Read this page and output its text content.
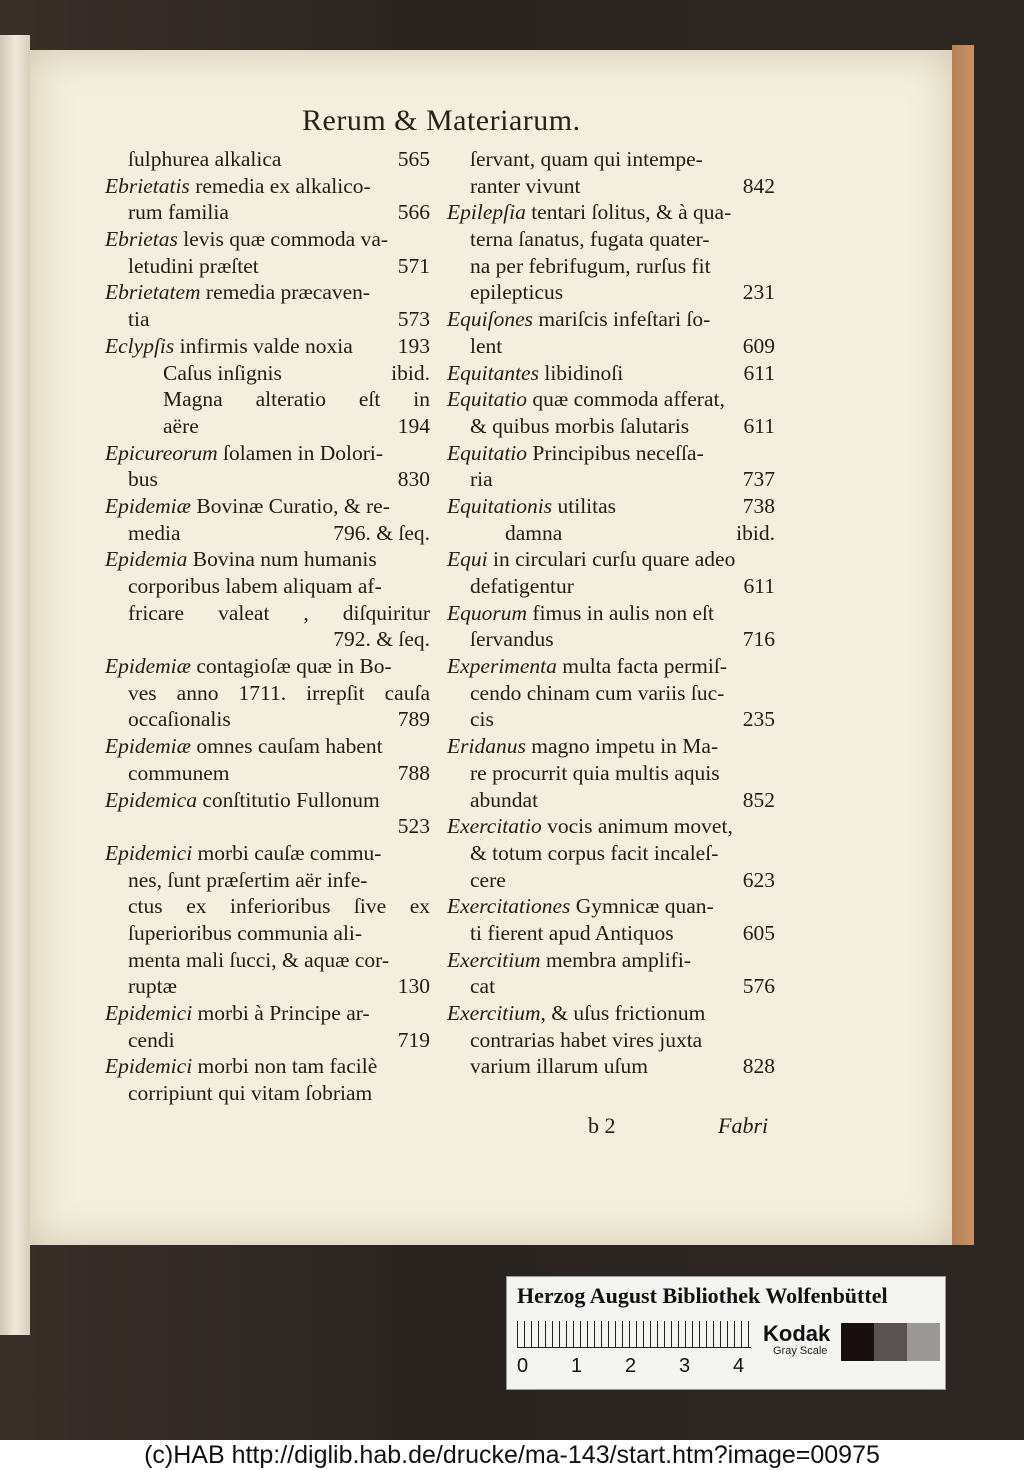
Rerum & Materiarum.
ſulphurea alkalica	565
Ebrietatis remedia ex alkalico-
rum familia	566
Ebrietas levis quæ commoda va-
letudini præſtet	571
Ebrietatem remedia præcaven-
tia	573
Eclypſis infirmis valde noxia 193
Caſus inſignis	ibid.
Magna alteratio eſt in
aëre	194
Epicureorum ſolamen in Dolori-
bus	830
Epidemiæ Bovinæ Curatio, & re-
media	796. & ſeq.
Epidemia Bovina num humanis
corporibus labem aliquam af-
fricare valeat , diſquiritur
792. & ſeq.
Epidemiæ contagioſæ quæ in Bo-
ves anno 1711. irrepſit cauſa
occaſionalis	789
Epidemiæ omnes cauſam habent
communem	788
Epidemica conſtitutio Fullonum
523
Epidemici morbi cauſæ commu-
nes, ſunt præſertim aër infe-
ctus ex inferioribus ſive ex
ſuperioribus communia ali-
menta mali ſucci, & aquæ cor-
ruptæ	130
Epidemici morbi à Principe ar-
cendi	719
Epidemici morbi non tam facilè
corripiunt qui vitam ſobriam
ſervant, quam qui intempe-
ranter vivunt	842
Epilepſia tentari ſolitus, & à qua-
terna ſanatus, fugata quater-
na per febrifugum, rurſus fit
epilepticus	231
Equiſones mariſcis infeſtari ſo-
lent	609
Equitantes libidinoſi	611
Equitatio quæ commoda afferat,
& quibus morbis ſalutaris	611
Equitatio Principibus neceſſa-
ria	737
Equitationis utilitas	738
damna	ibid.
Equi in circulari curſu quare adeo
defatigentur	611
Equorum fimus in aulis non eſt
ſervandus	716
Experimenta multa facta permiſ-
cendo chinam cum variis ſuc-
cis	235
Eridanus magno impetu in Ma-
re procurrit quia multis aquis
abundat	852
Exercitatio vocis animum movet,
& totum corpus facit incaleſ-
cere	623
Exercitationes Gymnicæ quan-
ti fierent apud Antiquos	605
Exercitium membra amplifi-
cat	576
Exercitium, & uſus frictionum
contrarias habet vires juxta
varium illarum uſum	828
b 2	Fabri
Herzog August Bibliothek Wolfenbüttel
0 1 2 3 4
Kodak
Gray Scale
(c)HAB http://diglib.hab.de/drucke/ma-143/start.htm?image=00975
